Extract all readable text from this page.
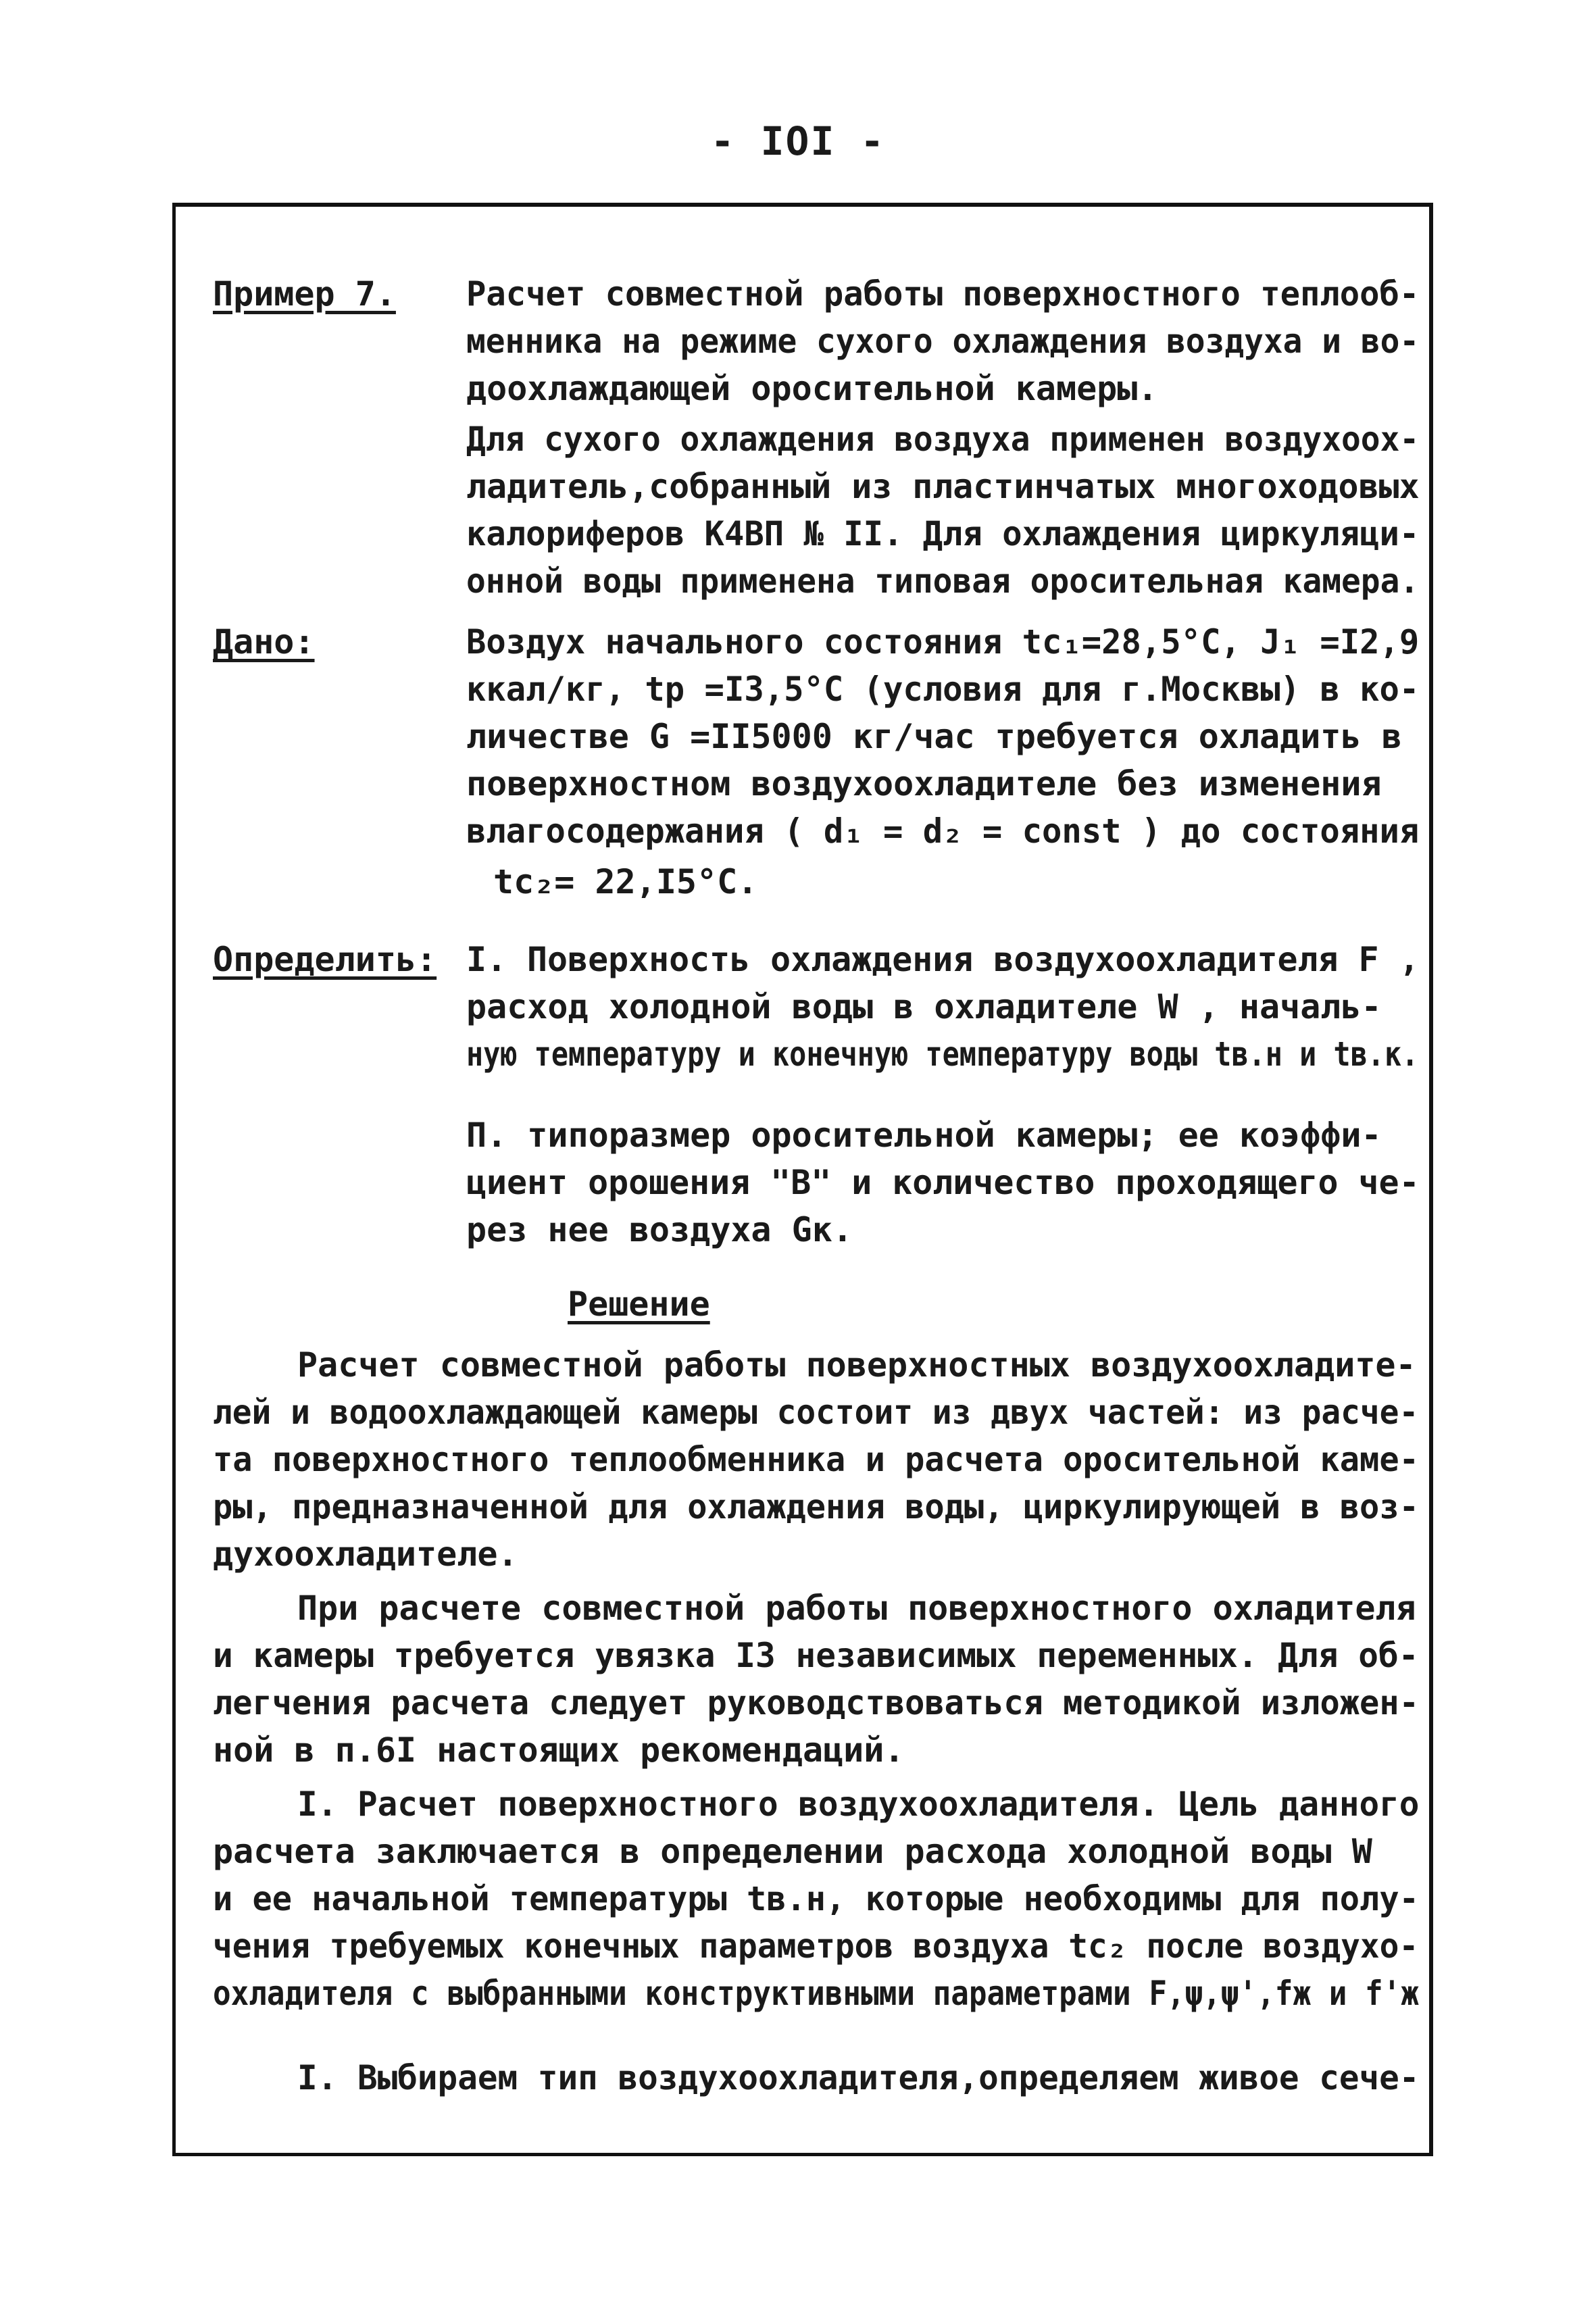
- IOI -
Пример 7. Расчет совместной работы поверхностного теплооб-
менника на режиме сухого охлаждения воздуха и во-
доохлаждающей оросительной камеры.
Для сухого охлаждения воздуха применен воздухоох-
ладитель,собранный из пластинчатых многоходовых
калориферов К4ВП № II. Для охлаждения циркуляци-
онной воды применена типовая оросительная камера.
Дано:	Воздух начального состояния tс₁=28,5°С, J₁ =I2,9
ккал/кг, tр =I3,5°С (условия для г.Москвы) в ко-
личестве G =II5000 кг/час требуется охладить в
поверхностном воздухоохладителе без изменения
влагосодержания ( d₁ = d₂ = const ) до состояния
tс₂= 22,I5°С.
Определить: I. Поверхность охлаждения воздухоохладителя F ,
расход холодной воды в охладителе W , началь-
ную температуру и конечную температуру воды tв.н и tв.к.
П. типоразмер оросительной камеры; ее коэффи-
циент орошения "В" и количество проходящего че-
рез нее воздуха Gк.
Решение
Расчет совместной работы поверхностных воздухоохладите-
лей и водоохлаждающей камеры состоит из двух частей: из расче-
та поверхностного теплообменника и расчета оросительной каме-
ры, предназначенной для охлаждения воды, циркулирующей в воз-
духоохладителе.
При расчете совместной работы поверхностного охладителя
и камеры требуется увязка I3 независимых переменных. Для об-
легчения расчета следует руководствоваться методикой изложен-
ной в п.6I настоящих рекомендаций.
I. Расчет поверхностного воздухоохладителя. Цель данного
расчета заключается в определении расхода холодной воды W
и ее начальной температуры tв.н, которые необходимы для полу-
чения требуемых конечных параметров воздуха tс₂ после воздухо-
охладителя с выбранными конструктивными параметрами F,ψ,ψ',fж и f'ж
I. Выбираем тип воздухоохладителя,определяем живое сече-
